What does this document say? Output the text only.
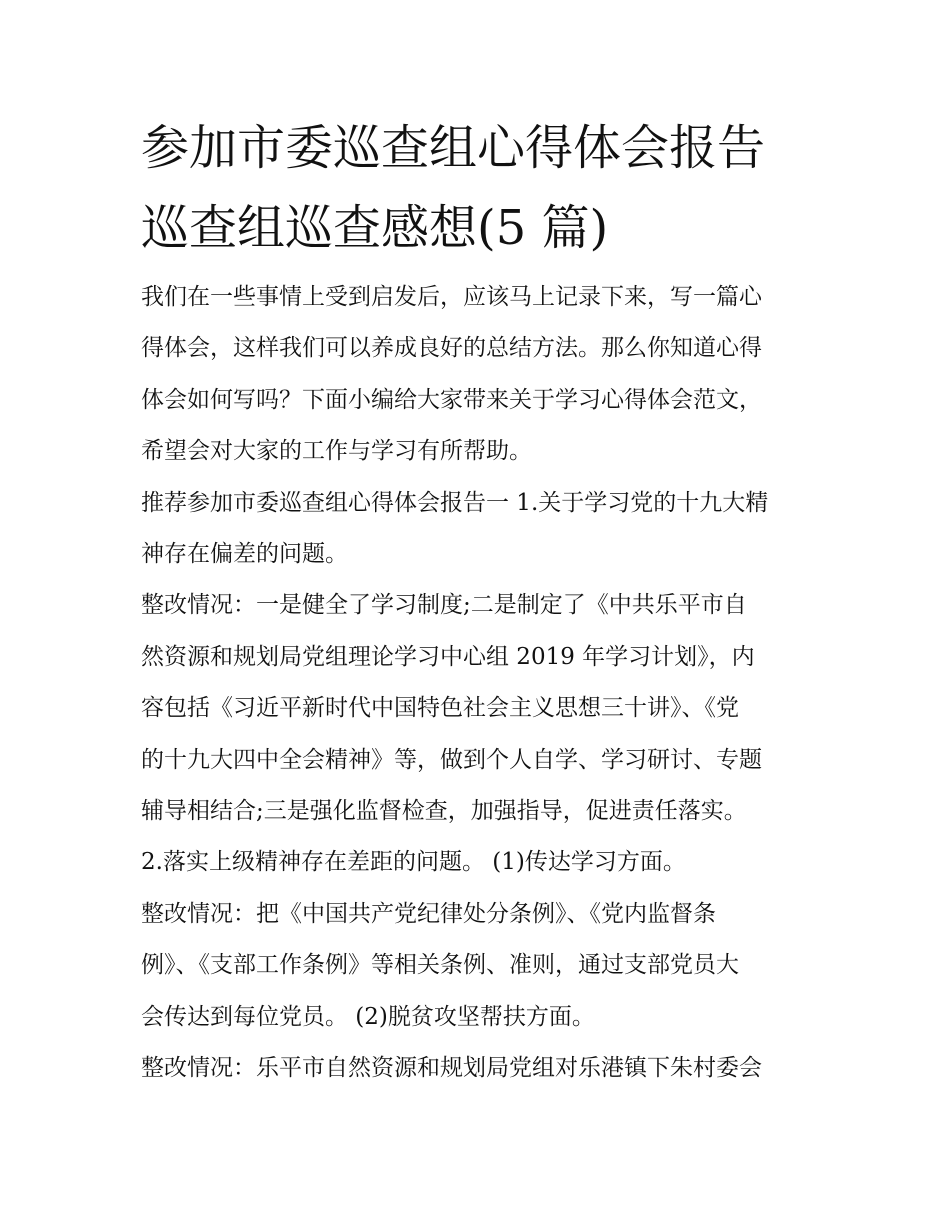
参加市委巡查组心得体会报告
巡查组巡查感想(5 篇)

我们在一些事情上受到启发后，应该马上记录下来，写一篇心
得体会，这样我们可以养成良好的总结方法。那么你知道心得
体会如何写吗？下面小编给大家带来关于学习心得体会范文，
希望会对大家的工作与学习有所帮助。

推荐参加市委巡查组心得体会报告一 1.关于学习党的十九大精
神存在偏差的问题。

整改情况：一是健全了学习制度;二是制定了《中共乐平市自
然资源和规划局党组理论学习中心组 2019 年学习计划》，内
容包括《习近平新时代中国特色社会主义思想三十讲》、《党
的十九大四中全会精神》等，做到个人自学、学习研讨、专题
辅导相结合;三是强化监督检查，加强指导，促进责任落实。

2.落实上级精神存在差距的问题。 (1)传达学习方面。

整改情况：把《中国共产党纪律处分条例》、《党内监督条
例》、《支部工作条例》等相关条例、准则，通过支部党员大
会传达到每位党员。 (2)脱贫攻坚帮扶方面。

整改情况：乐平市自然资源和规划局党组对乐港镇下朱村委会
